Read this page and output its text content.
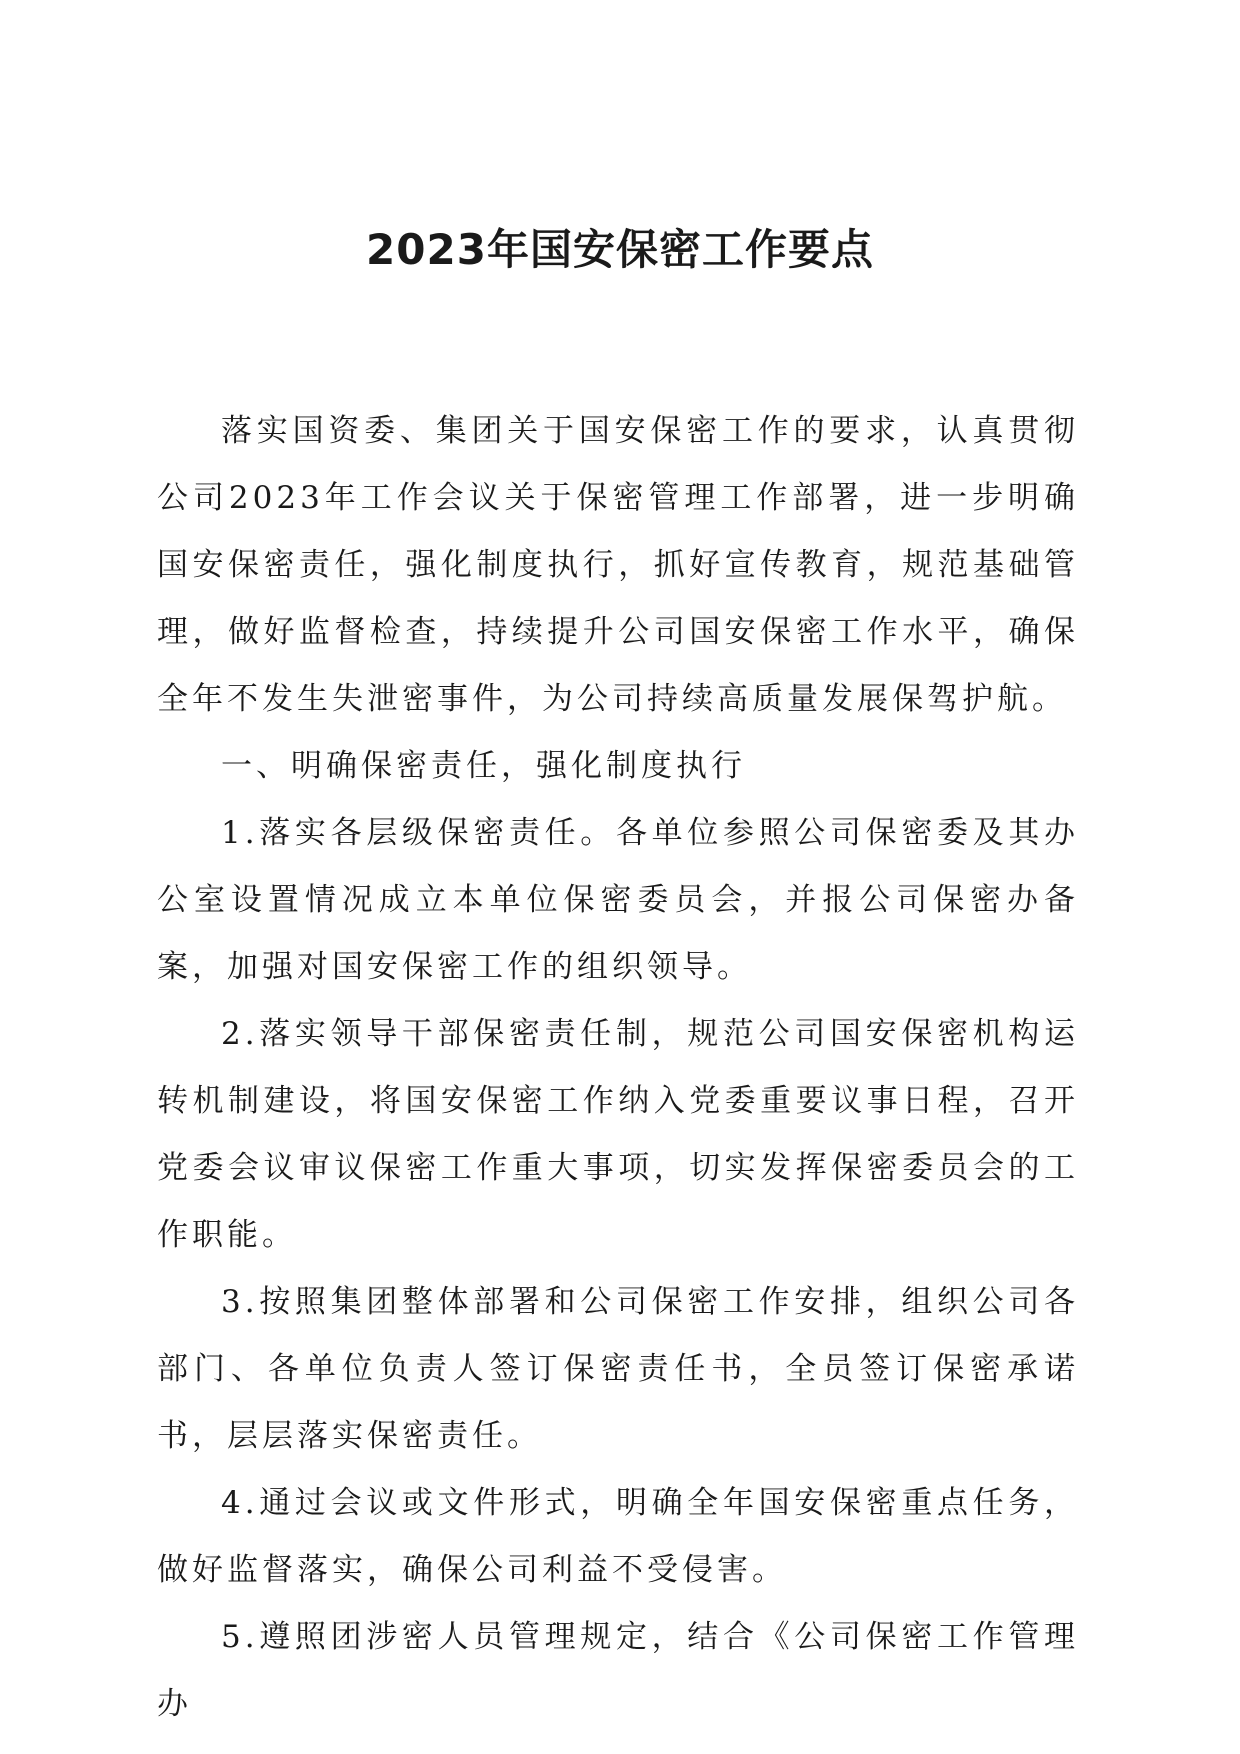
2023年国安保密工作要点

落实国资委、集团关于国安保密工作的要求，认真贯彻公司2023年工作会议关于保密管理工作部署，进一步明确国安保密责任，强化制度执行，抓好宣传教育，规范基础管理，做好监督检查，持续提升公司国安保密工作水平，确保全年不发生失泄密事件，为公司持续高质量发展保驾护航。

一、明确保密责任，强化制度执行

1.落实各层级保密责任。各单位参照公司保密委及其办公室设置情况成立本单位保密委员会，并报公司保密办备案，加强对国安保密工作的组织领导。

2.落实领导干部保密责任制，规范公司国安保密机构运转机制建设，将国安保密工作纳入党委重要议事日程，召开党委会议审议保密工作重大事项，切实发挥保密委员会的工作职能。

3.按照集团整体部署和公司保密工作安排，组织公司各部门、各单位负责人签订保密责任书，全员签订保密承诺书，层层落实保密责任。

4.通过会议或文件形式，明确全年国安保密重点任务，做好监督落实，确保公司利益不受侵害。

5.遵照团涉密人员管理规定，结合《公司保密工作管理办
